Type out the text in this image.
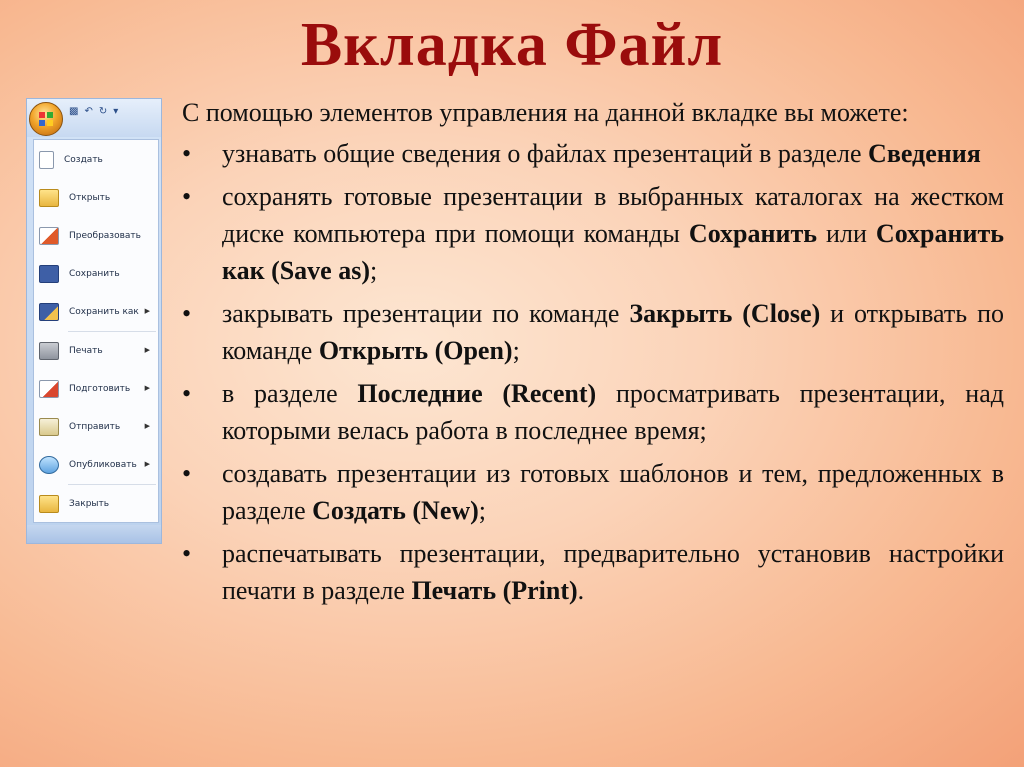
Вкладка Файл
▩ ↶ ↻ ▾
Создать
Открыть
Преобразовать
Сохранить
Сохранить как ▶
Печать	▶
Подготовить ▶
Отправить	▶
Опубликовать ▶
Закрыть

С помощью элементов управления на данной вкладке вы можете:

• узнавать общие сведения о файлах презентаций в разделе Сведения
• сохранять готовые презентации в выбранных каталогах на жестком диске компьютера при помощи команды Сохранить или Сохранить как (Save as);
• закрывать презентации по команде Закрыть (Close) и открывать по команде Открыть (Open);
• в разделе Последние (Recent) просматривать презентации, над которыми велась работа в последнее время;
• создавать презентации из готовых шаблонов и тем, предложенных в разделе Создать (New);
• распечатывать презентации, предварительно установив настройки печати в разделе Печать (Print).
